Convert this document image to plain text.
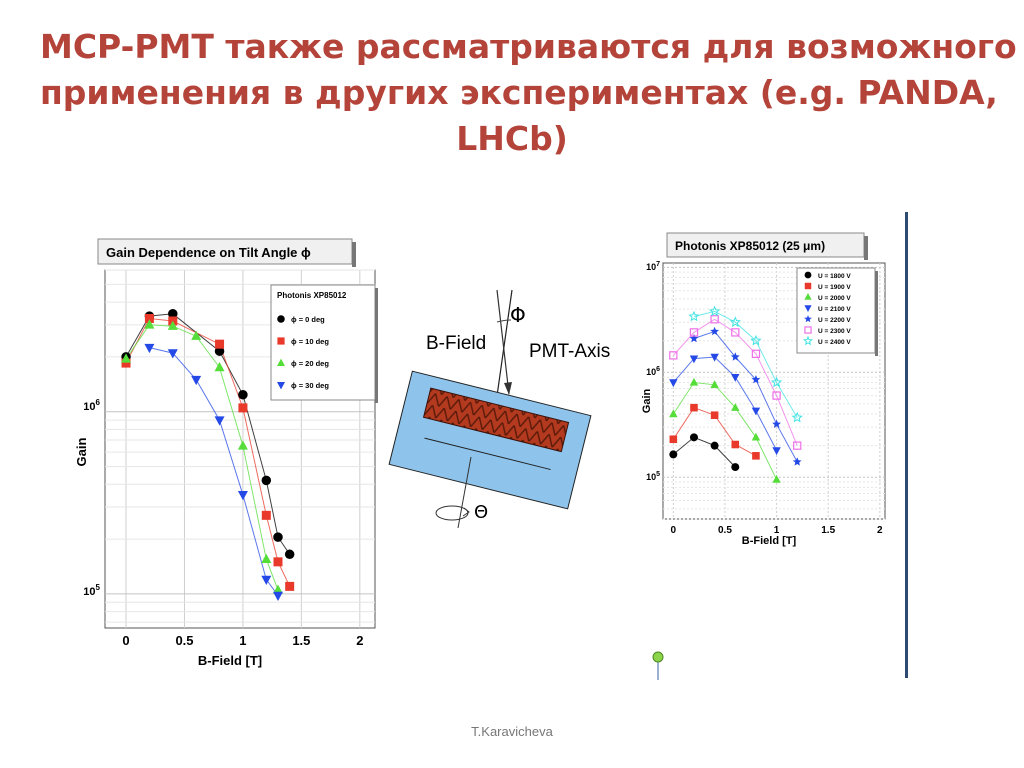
MCP-PMT также рассматриваются для возможного
применения в других экспериментах (e.g. PANDA,
LHCb)
0	0.5	1	1.5	2
$10^5$
$10^6$
Gain Dependence on Tilt Angle ϕ
Photonis XP85012
ϕ = 0 deg
ϕ = 10 deg
ϕ = 20 deg
ϕ = 30 deg
B-Field [T]
Gain
Φ
B-Field PMT-Axis
Θ
0	0.5	1	1.5	2
$10^5$
$10^6$
$10^7$
Photonis XP85012 (25 μm)
U = 1800 V
U = 1900 V
U = 2000 V
U = 2100 V
U = 2200 V
U = 2300 V
U = 2400 V
B-Field [T]
Gain
T.Karavicheva
